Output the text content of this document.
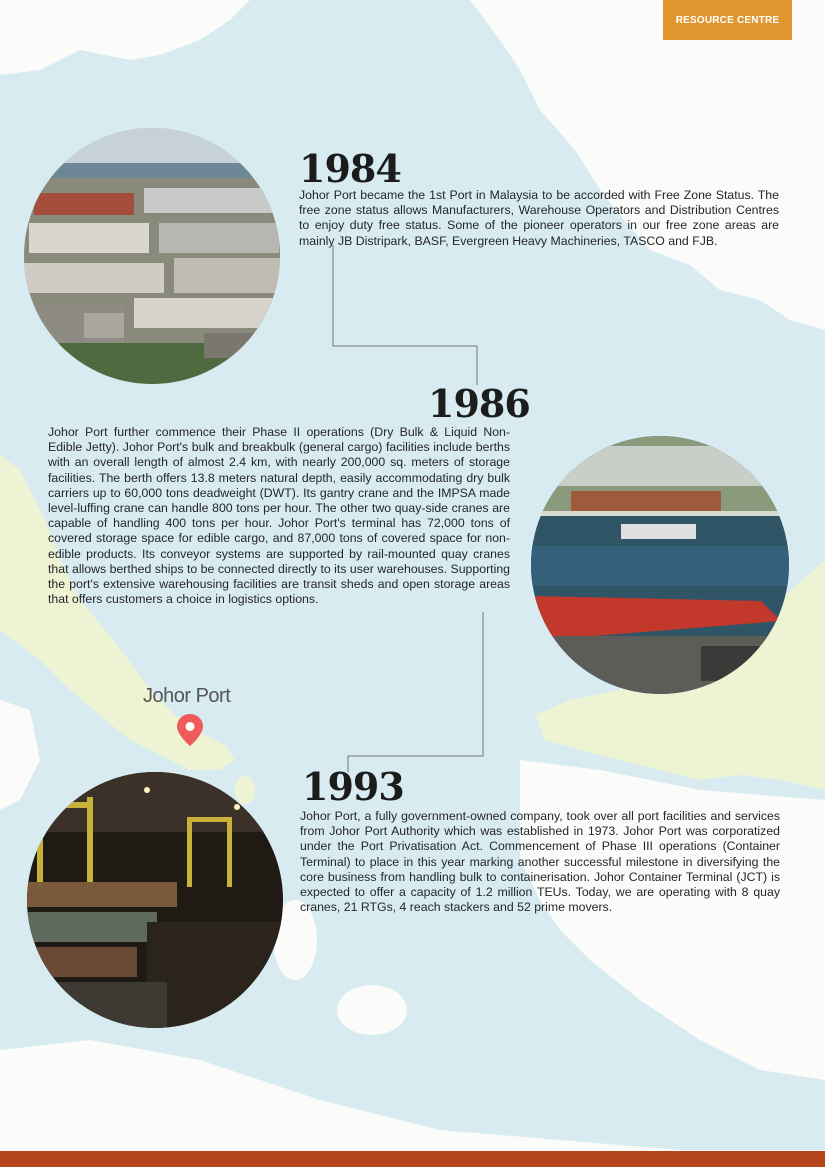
RESOURCE CENTRE
1984

Johor Port became the 1st Port in Malaysia to be accorded with Free Zone Status. The free zone status allows Manufacturers, Warehouse Operators and Distribution Centres to enjoy duty free status. Some of the pioneer operators in our free zone areas are mainly JB Distripark, BASF, Evergreen Heavy Machineries, TASCO and FJB.

1986

Johor Port further commence their Phase II operations (Dry Bulk & Liquid Non-Edible Jetty). Johor Port's bulk and breakbulk (general cargo) facilities include berths with an overall length of almost 2.4 km, with nearly 200,000 sq. meters of storage facilities. The berth offers 13.8 meters natural depth, easily accommodating dry bulk carriers up to 60,000 tons deadweight (DWT). Its gantry crane and the IMPSA made level-luffing crane can handle 800 tons per hour. The other two quay-side cranes are capable of handling 400 tons per hour. Johor Port's terminal has 72,000 tons of covered storage space for edible cargo, and 87,000 tons of covered space for non-edible products. Its conveyor systems are supported by rail-mounted quay cranes that allows berthed ships to be connected directly to its user warehouses. Supporting the port's extensive warehousing facilities are transit sheds and open storage areas that offers customers a choice in logistics options.

Johor Port
1993

Johor Port, a fully government-owned company, took over all port facilities and services from Johor Port Authority which was established in 1973. Johor Port was corporatized under the Port Privatisation Act. Commencement of Phase III operations (Container Terminal) to place in this year marking another successful milestone in diversifying the core business from handling bulk to containerisation. Johor Container Terminal (JCT) is expected to offer a capacity of 1.2 million TEUs. Today, we are operating with 8 quay cranes, 21 RTGs, 4 reach stackers and 52 prime movers.
